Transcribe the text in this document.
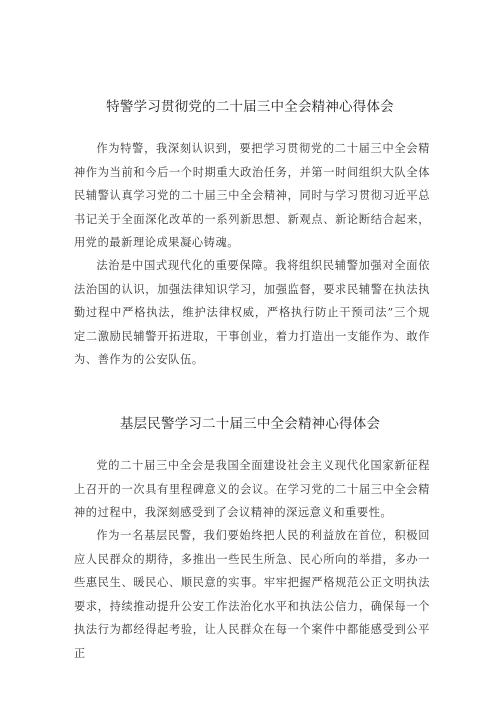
特警学习贯彻党的二十届三中全会精神心得体会

作为特警，我深刻认识到，要把学习贯彻党的二十届三中全会精神作为当前和今后一个时期重大政治任务，并第一时间组织大队全体民辅警认真学习党的二十届三中全会精神，同时与学习贯彻习近平总书记关于全面深化改革的一系列新思想、新观点、新论断结合起来，用党的最新理论成果凝心铸魂。

法治是中国式现代化的重要保障。我将组织民辅警加强对全面依法治国的认识，加强法律知识学习，加强监督，要求民辅警在执法执勤过程中严格执法，维护法律权威，严格执行防止干预司法”三个规定二激励民辅警开拓进取，干事创业，着力打造出一支能作为、敢作为、善作为的公安队伍。

基层民警学习二十届三中全会精神心得体会

党的二十届三中全会是我国全面建设社会主义现代化国家新征程上召开的一次具有里程碑意义的会议。在学习党的二十届三中全会精神的过程中，我深刻感受到了会议精神的深远意义和重要性。

作为一名基层民警，我们要始终把人民的利益放在首位，积极回应人民群众的期待，多推出一些民生所急、民心所向的举措，多办一些惠民生、暖民心、顺民意的实事。牢牢把握严格规范公正文明执法要求，持续推动提升公安工作法治化水平和执法公信力，确保每一个执法行为都经得起考验，让人民群众在每一个案件中都能感受到公平正
